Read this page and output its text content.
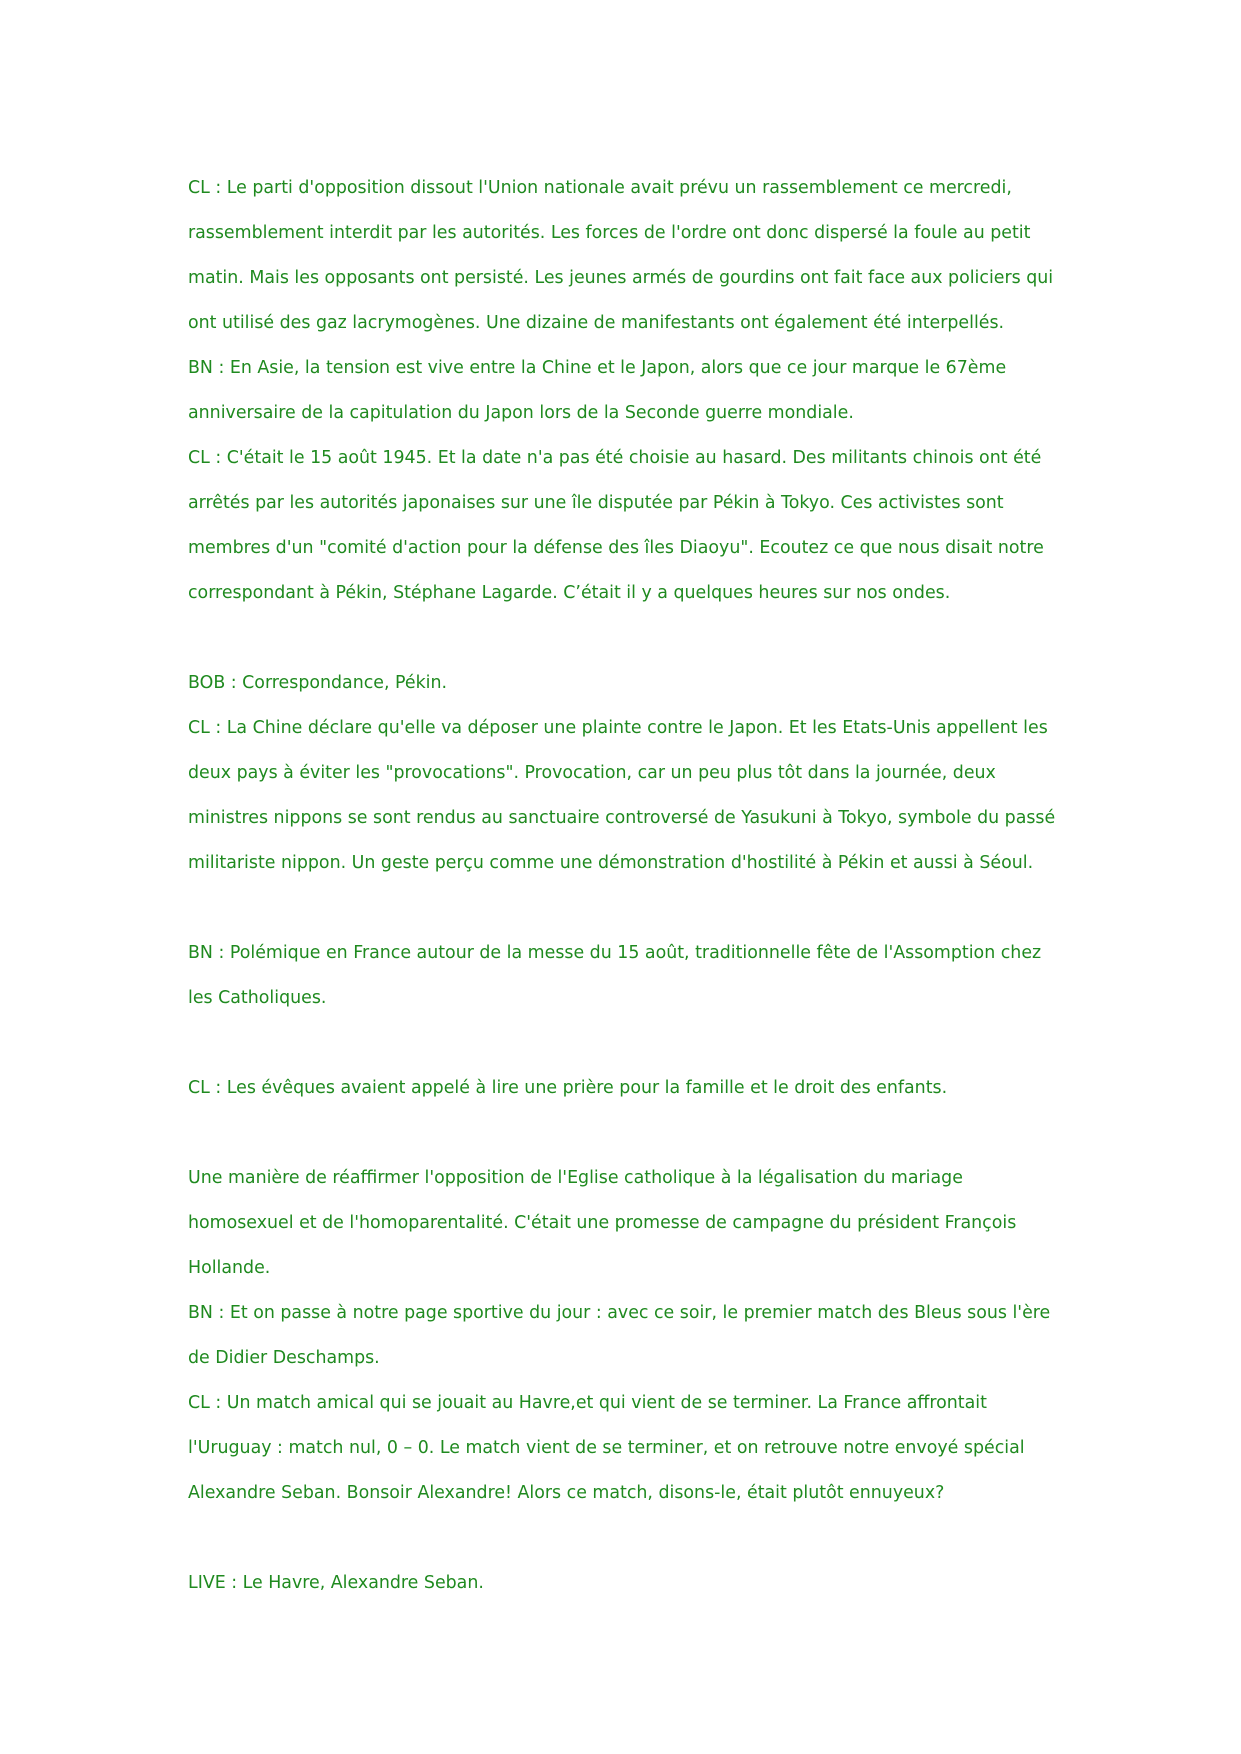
CL : Le parti d'opposition dissout l'Union nationale avait prévu un rassemblement ce mercredi, rassemblement interdit par les autorités. Les forces de l'ordre ont donc dispersé la foule au petit matin. Mais les opposants ont persisté. Les jeunes armés de gourdins ont fait face aux policiers qui ont utilisé des gaz lacrymogènes. Une dizaine de manifestants ont également été interpellés.

BN : En Asie, la tension est vive entre la Chine et le Japon, alors que ce jour marque le 67ème anniversaire de la capitulation du Japon lors de la Seconde guerre mondiale.

CL : C'était le 15 août 1945. Et la date n'a pas été choisie au hasard. Des militants chinois ont été arrêtés par les autorités japonaises sur une île disputée par Pékin à Tokyo. Ces activistes sont membres d'un "comité d'action pour la défense des îles Diaoyu". Ecoutez ce que nous disait notre correspondant à Pékin, Stéphane Lagarde. C’était il y a quelques heures sur nos ondes.

BOB : Correspondance, Pékin.

CL : La Chine déclare qu'elle va déposer une plainte contre le Japon. Et les Etats-Unis appellent les deux pays à éviter les "provocations". Provocation, car un peu plus tôt dans la journée, deux ministres nippons se sont rendus au sanctuaire controversé de Yasukuni à Tokyo, symbole du passé militariste nippon. Un geste perçu comme une démonstration d'hostilité à Pékin et aussi à Séoul.

BN : Polémique en France autour de la messe du 15 août, traditionnelle fête de l'Assomption chez les Catholiques.

CL : Les évêques avaient appelé à lire une prière pour la famille et le droit des enfants.

Une manière de réaffirmer l'opposition de l'Eglise catholique à la légalisation du mariage homosexuel et de l'homoparentalité. C'était une promesse de campagne du président François Hollande.

BN : Et on passe à notre page sportive du jour : avec ce soir, le premier match des Bleus sous l'ère de Didier Deschamps.

CL : Un match amical qui se jouait au Havre,et qui vient de se terminer. La France affrontait l'Uruguay : match nul, 0 – 0. Le match vient de se terminer, et on retrouve notre envoyé spécial Alexandre Seban. Bonsoir Alexandre! Alors ce match, disons-le, était plutôt ennuyeux?

LIVE : Le Havre, Alexandre Seban.
